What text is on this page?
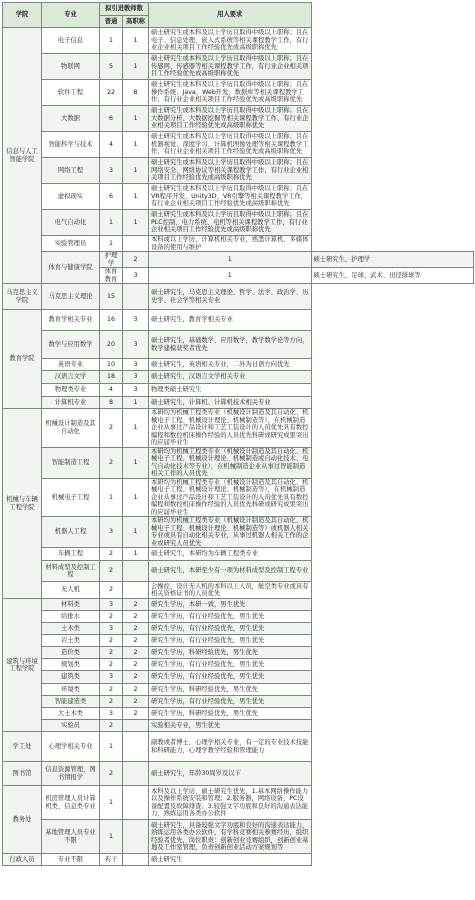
学院	专业	拟引进教师数		用人要求	
		普通	高职称		
信息与人工智能学院	电子信息	1	1	硕士研究生或本科及以上学历且取得中级以上职称；且在电子、信息处理、嵌入式系统等相关课程教学工作，有行业企业相关项目工作经验优先或高级职称优先	
	物联网	5	1	硕士研究生或本科及以上学历且取得中级以上职称；且在传感网、传感器等相关课程教学工作，有行业企业相关项目工作经验优先或高级职称优先	
	软件工程	22	8	硕士研究生或本科及以上学历且取得中级以上职称；且在操作系统、Java、Web开发、数据库等相关课程教学工作，有行业企业相关项目工作经验优先或高级职称优先	
	大数据	6	1	硕士研究生或本科及以上学历且取得中级以上职称；且在大数据分析、大数据挖掘等相关课程教学工作，有行业企业相关项目工作经验优先或高级职称优先	
	智能科学与技术	4	1	硕士研究生或本科及以上学历且取得中级以上职称；且在机器视觉、深度学习、计算机图像处理等相关课程教学工作，有行业企业相关项目工作经验优先或高级职称优先	
	网络工程	3	1	硕士研究生或本科及以上学历且取得中级以上职称；且在网络安全、网络协议等相关课程教学工作，有行业企业相关项目工作经验优先或高级职称优先	
	虚拟现实	6	1	硕士研究生或本科及以上学历且取得中级以上职称；且在VR程序开发、Unity3D、VR引擎等相关课程教学工作，有行业企业相关项目工作经验优先或高级职称优先	
	电气自动化	1	1	硕士研究生或本科及以上学历且取得中级以上职称；且在PLC控制、电力系统、电机等相关课程教学工作，有行业企业相关项目工作经验优先或高级职称优先	
	实验管理员	1		本科或以上学历，计算机相关专业，熟悉计算机、多媒体设备的使用与维护	
	体育与健康学院	护理学	2	1	硕士研究生，护理学
		体育教育	3	1	硕士研究生，足球、武术、田径排球等
马克思主义学院	马克思主义理论	15		硕士研究生，马克思主义理论、哲学、法学、政治学、历史学、社会学等相关专业	
教育学院	教育学相关专业	16	3	硕士研究生，教育学相关专业	
	数学与应用数学	20	3	硕士研究生，基础数学，应用数学，教学数学论等方向，数学建模获奖者优先	
	英语专业	10	3	硕士研究生，英语相关专业，二外为日语方向优先	
	汉语言文学	18	3	硕士研究生，汉语言文学相关专业	
	物理类专业	4	3	物理类硕士研究生	
	计算机专业	8	1	硕士研究生，计算机、计算机技术相关专业	
机械与车辆工程学院	机械设计制造及其自动化	2	1	本研均为机械工程类专业（机械设计制造及其自动化、机械电子工程、机械设计理论、机械制造等），在机械制造企业从事过产品设计和工艺工装设计的人员优先具有数控编程和数控机床操作经验的人员优先科研或研究成果突出的应届毕业生	
	智能制造工程	2	1	本研均为机械工程类专业（机械设计制造及其自动化、机械电子工程、机械设计理论、机械制造或自动化技术、电气自动化技术等专业），在机械制造企业从事过智能制造相关工作的人员优先	
	机械电子工程	1	1	本研均为机械工程类专业（机械设计制造及其自动化、机械电子工程、机械设计理论、机械制造等），在机械制造企业从事过产品设计和工艺工装设计的人员优先具有数控编程和数控机床操作经验的人员优先科研或研究成果突出的应届毕业生	
	机器人工程	3	1	本研均为机械工程类专业（机械设计制造及其自动化、机械电子工程、机械设计理论、机械制造等）或机器人相关专业或具有自动化相关专业，从事过机器人相关工作的企业或研究人员优先	
	车辆工程	2	1	硕士研究生，本研均为车辆工程类专业	
	材料成型及控制工程	2		硕士研究生，本研至少有一项为材料成型及控制工程专业	
	无人机	2		会操控，设计无人机的本科以上人员，航空类专业或具有相关资格证书的人员优先	
建筑与环境工程学院	材料类	3	2	研究生学历，本研一致，男生优先	
	给排水	2	2	研究生学历，有行业经验优先，男生优先	
	土木类	3	2	研究生学历，有行业经验优先，男生优先	
	岩土类	2	2	研究生学历，有行业经验优先，男生优先	
	造价类	2	2	研究生学历，科研经验优先，男生优先	
	规划类	2	2	研究生学历，有行业经验优先，男生优先	
	建筑类	3	2	研究生学历，有行业经验优先，男生优先	
	环境类	2	2	研究生学历，科研经验优先，男生优先	
	智能建造类	2	2	研究生学历，有行业经验优先，男生优先	
	大土木类	3	2	研究生学历，科研经验优先，男生优先	
	实验员	2		实验相关专业，男生优先	
学工处	心理学相关专业	1		副教或者博士，心理学相关专业，有一定的专业技术技能和科研能力，心理学教学经验和管理能力	
图书馆	信息资源管理，图书情报学	2		硕士研究生，年龄30周岁及以下	
教务处	机房管理人员计算机类、信息类专业	1		本科及以上学历，硕士研究生优先，1.基本网络操作能力以及操作系统安装和管理；2.服务器，网络设备，PC设备配置及故障排查；3.较强文字功底和良好的沟通表达能力，熟练运用各类办公软件	
	基地管理人员专业不限	1		硕士研究生，具备较强文字功底和良好的沟通表达能力，熟练运用各类办公软件，有学科竞赛相关参赛经历，组织经验者优先，岗位职责：创新创业竞赛组织，创新创业基地及工作室管理，负责创新创业活动方案规划等	
行政人员	专业不限	若干		硕士研究生	
